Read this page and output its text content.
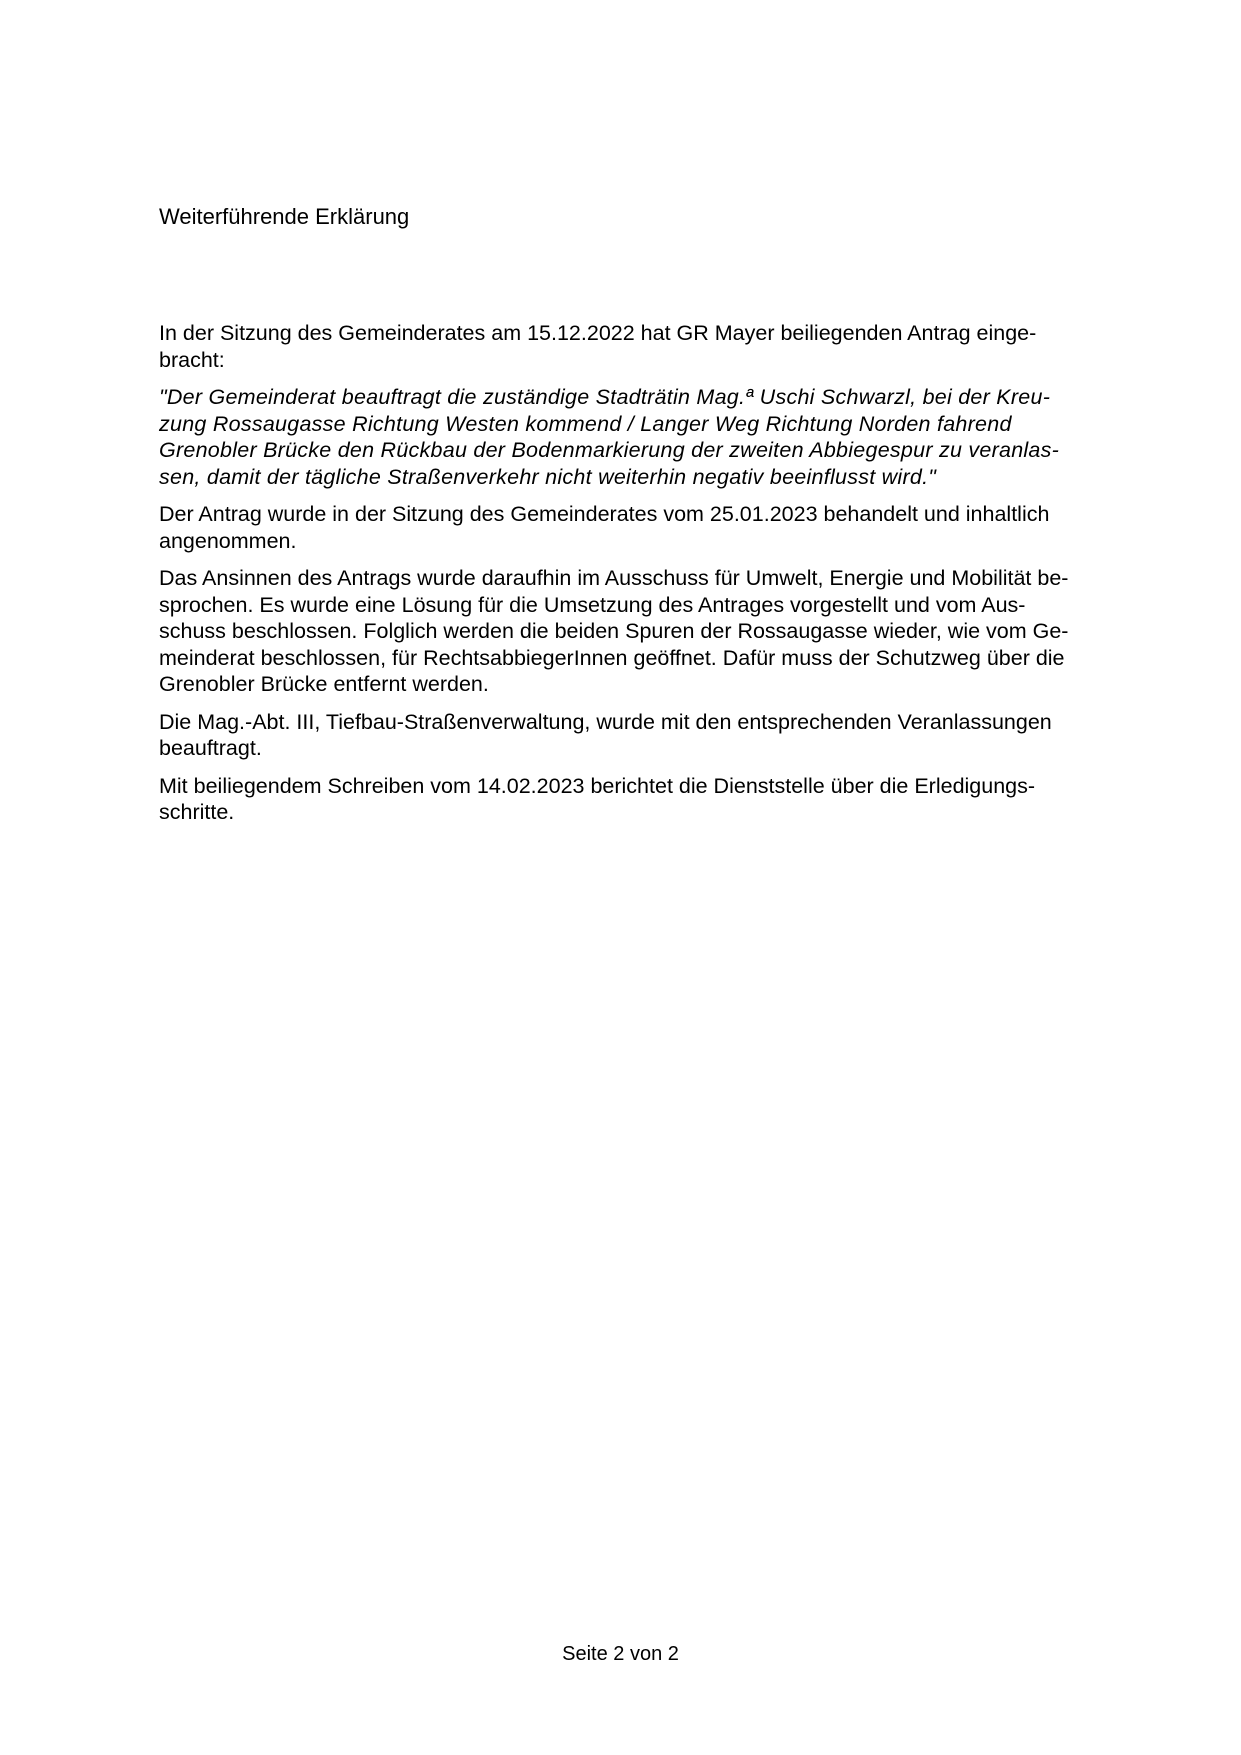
Weiterführende Erklärung

In der Sitzung des Gemeinderates am 15.12.2022 hat GR Mayer beiliegenden Antrag einge-
bracht:

"Der Gemeinderat beauftragt die zuständige Stadträtin Mag.ª Uschi Schwarzl, bei der Kreu-
zung Rossaugasse Richtung Westen kommend / Langer Weg Richtung Norden fahrend
Grenobler Brücke den Rückbau der Bodenmarkierung der zweiten Abbiegespur zu veranlas-
sen, damit der tägliche Straßenverkehr nicht weiterhin negativ beeinflusst wird."

Der Antrag wurde in der Sitzung des Gemeinderates vom 25.01.2023 behandelt und inhaltlich
angenommen.

Das Ansinnen des Antrags wurde daraufhin im Ausschuss für Umwelt, Energie und Mobilität be-
sprochen. Es wurde eine Lösung für die Umsetzung des Antrages vorgestellt und vom Aus-
schuss beschlossen. Folglich werden die beiden Spuren der Rossaugasse wieder, wie vom Ge-
meinderat beschlossen, für RechtsabbiegerInnen geöffnet. Dafür muss der Schutzweg über die
Grenobler Brücke entfernt werden.

Die Mag.-Abt. III, Tiefbau-Straßenverwaltung, wurde mit den entsprechenden Veranlassungen
beauftragt.

Mit beiliegendem Schreiben vom 14.02.2023 berichtet die Dienststelle über die Erledigungs-
schritte.

Seite 2 von 2
